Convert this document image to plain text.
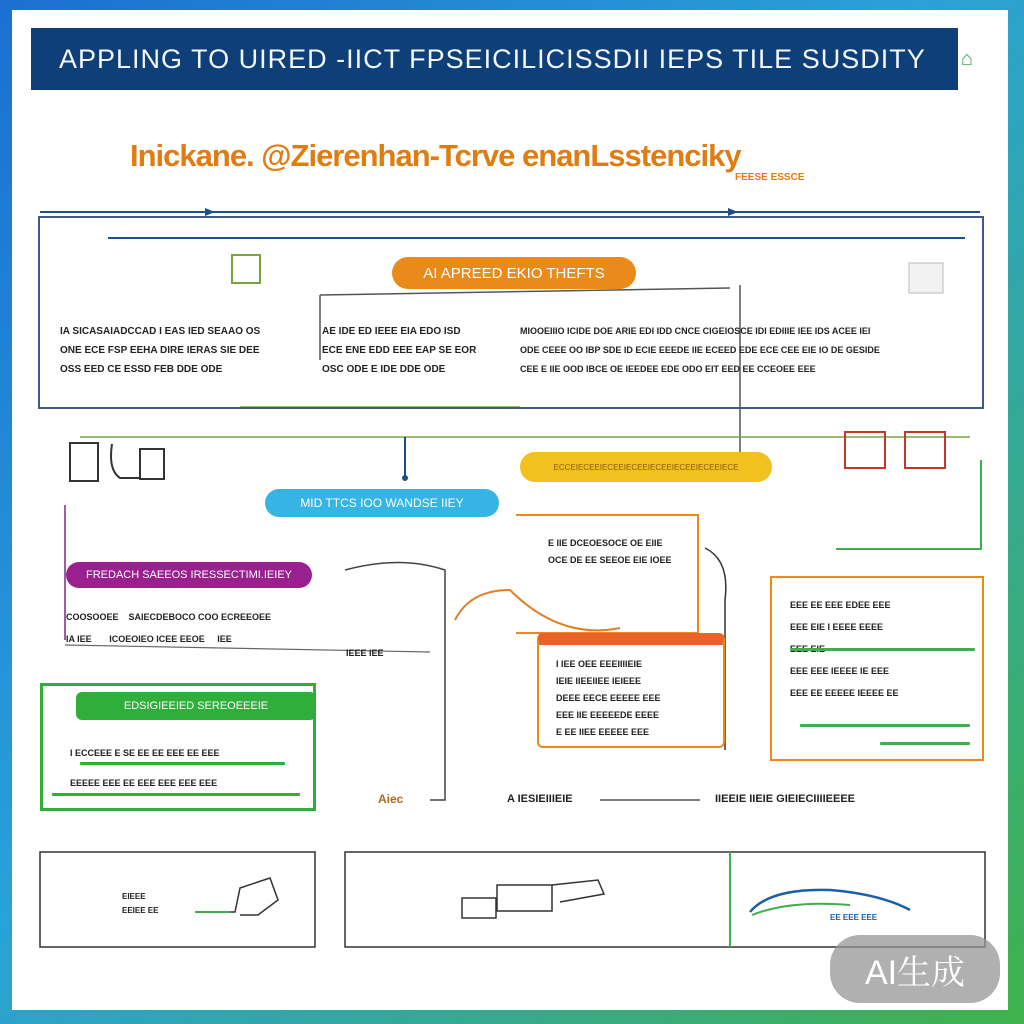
APPLING TO UIRED -IICT FPSEICILICISSDII IEPS TILE SUSDITY ⌂
Inickane. @Zierenhan-Tcrve enanLsstenciky
FEESE ESSCE
AI APREED EKIO THEFTS
IA SICASAIADCCAD I EAS IED SEAAO OS
ONE ECE FSP EEHA DIRE IERAS SIE DEE
OSS EED CE ESSD FEB DDE ODE
AE IDE ED IEEE EIA EDO ISD
ECE ENE EDD EEE EAP SE EOR
OSC ODE E IDE DDE ODE
MIOOEIIIO ICIDE DOE ARIE EDI IDD CNCE CIGEIOSCE IDI EDIIIE IEE IDS ACEE IEI
ODE CEEE OO IBP SDE ID ECIE EEEDE IIE ECEED EDE ECE CEE EIE IO DE GESIDE
CEE E IIE OOD IBCE OE IEEDEE EDE ODO EIT EED EE CCEOEE EEE
ECCEIECEEIECEEIECEEIECEEIECEEIECEEIECE
MID TTCS IOO WANDSE IIEY
FREDACH SAEEOS IRESSECTIMI.IEIEY
COOSOOEE SAIECDEBOCO COO ECREEOEE
IA IEE ICOEOIEO ICEE EEOE IEE
IEEE IEE
E IIE DCEOESOCE OE EIIE
OCE DE EE SEEOE EIE IOEE
I IEE OEE EEEIIIIEIE
IEIE IIEEIIEE IEIEEE
DEEE EECE EEEEE EEE
EEE IIE EEEEEDE EEEE
E EE IIEE EEEEE EEE
EEE EE EEE EDEE EEE
EEE EIE I EEEE EEEE
EEE EEE IEEEE IE EEE
EEE EE EEEEE IEEEE EE
EDSIGIEEIED SEREOEEEIE
I ECCEEE E SE EE EE EEE EE EEE
EEEEE EEE EE EEE EEE EEE EEE
Aiec	A IESIEIIIEIE	IIEEIE IIEIE GIEIECIIIIEEEE
EIEEE
EEIEE EE
EE EEE EEE
AI生成
